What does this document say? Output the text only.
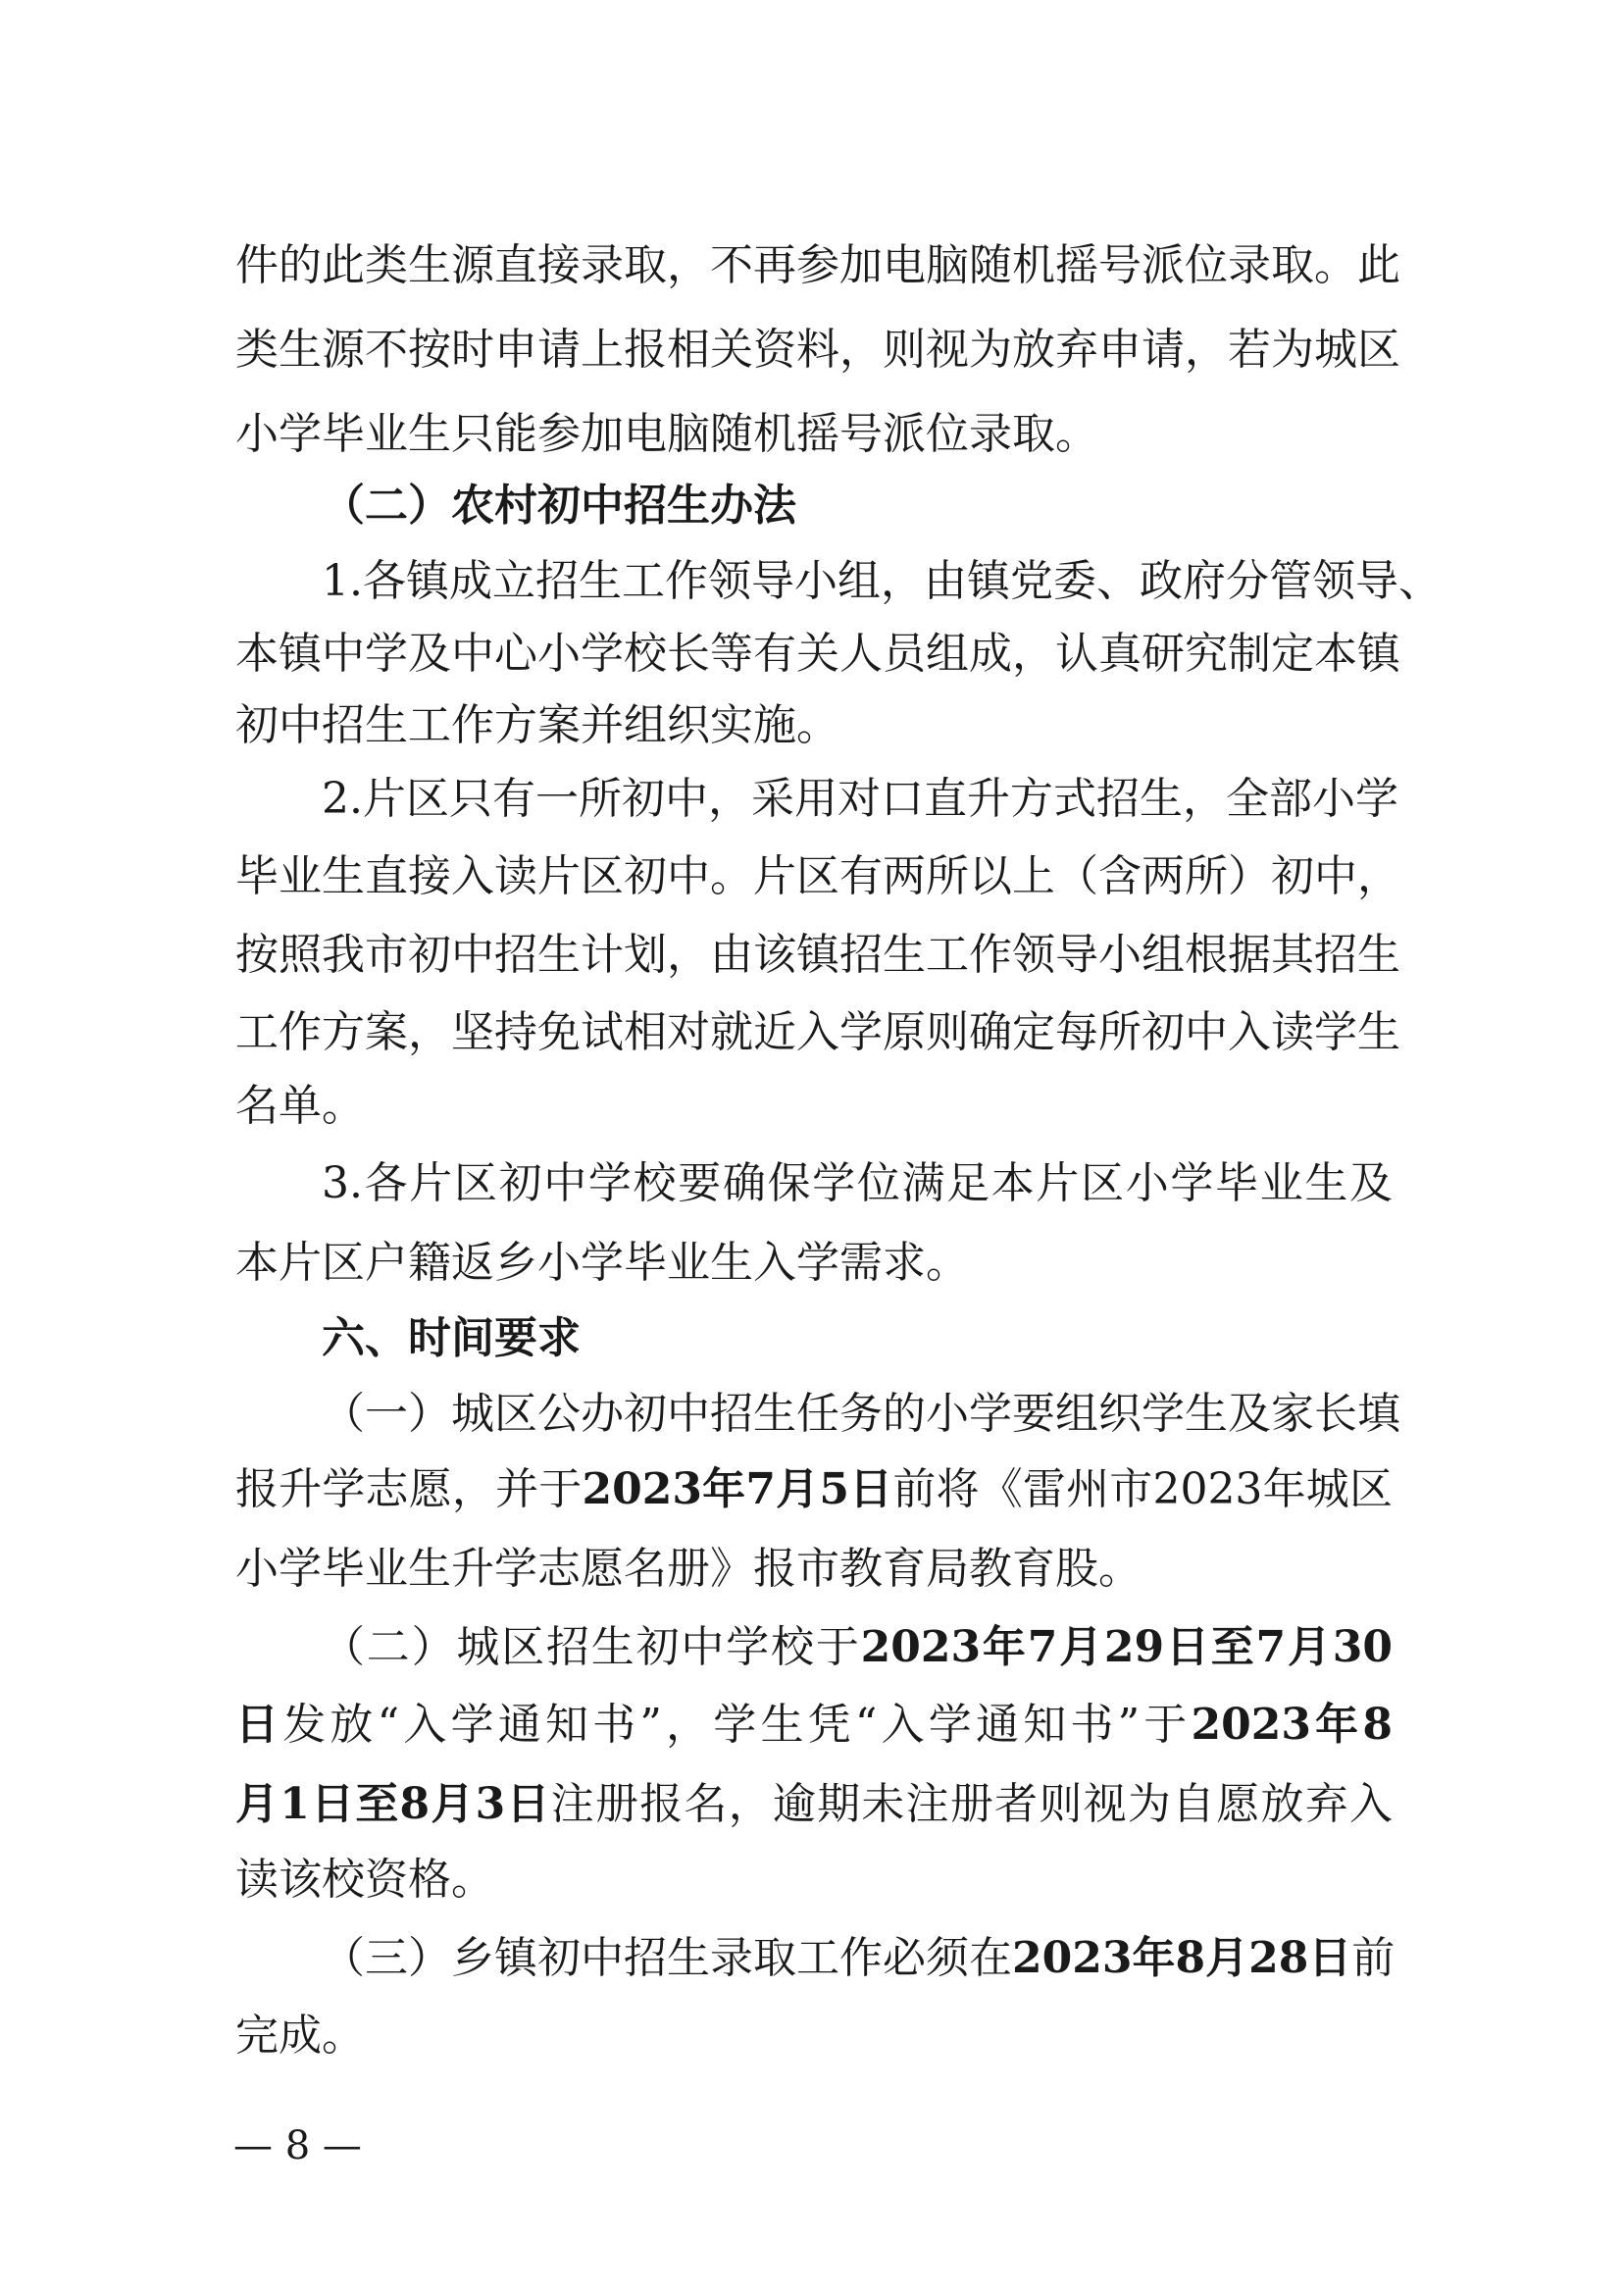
件的此类生源直接录取，不再参加电脑随机摇号派位录取。此
类生源不按时申请上报相关资料，则视为放弃申请，若为城区
小学毕业生只能参加电脑随机摇号派位录取。
（二）农村初中招生办法
1.各镇成立招生工作领导小组，由镇党委、政府分管领导、
本镇中学及中心小学校长等有关人员组成，认真研究制定本镇
初中招生工作方案并组织实施。
2.片区只有一所初中，采用对口直升方式招生，全部小学
毕业生直接入读片区初中。片区有两所以上（含两所）初中，
按照我市初中招生计划，由该镇招生工作领导小组根据其招生
工作方案，坚持免试相对就近入学原则确定每所初中入读学生
名单。
3.各片区初中学校要确保学位满足本片区小学毕业生及
本片区户籍返乡小学毕业生入学需求。
六、时间要求
（一）城区公办初中招生任务的小学要组织学生及家长填
报升学志愿，并于2023年7月5日前将《雷州市2023年城区
小学毕业生升学志愿名册》报市教育局教育股。
（二）城区招生初中学校于2023年7月29日至7月30
日发放“入学通知书”，学生凭“入学通知书”于2023年8
月1日至8月3日注册报名，逾期未注册者则视为自愿放弃入
读该校资格。
（三）乡镇初中招生录取工作必须在2023年8月28日前
完成。
— 8 —
